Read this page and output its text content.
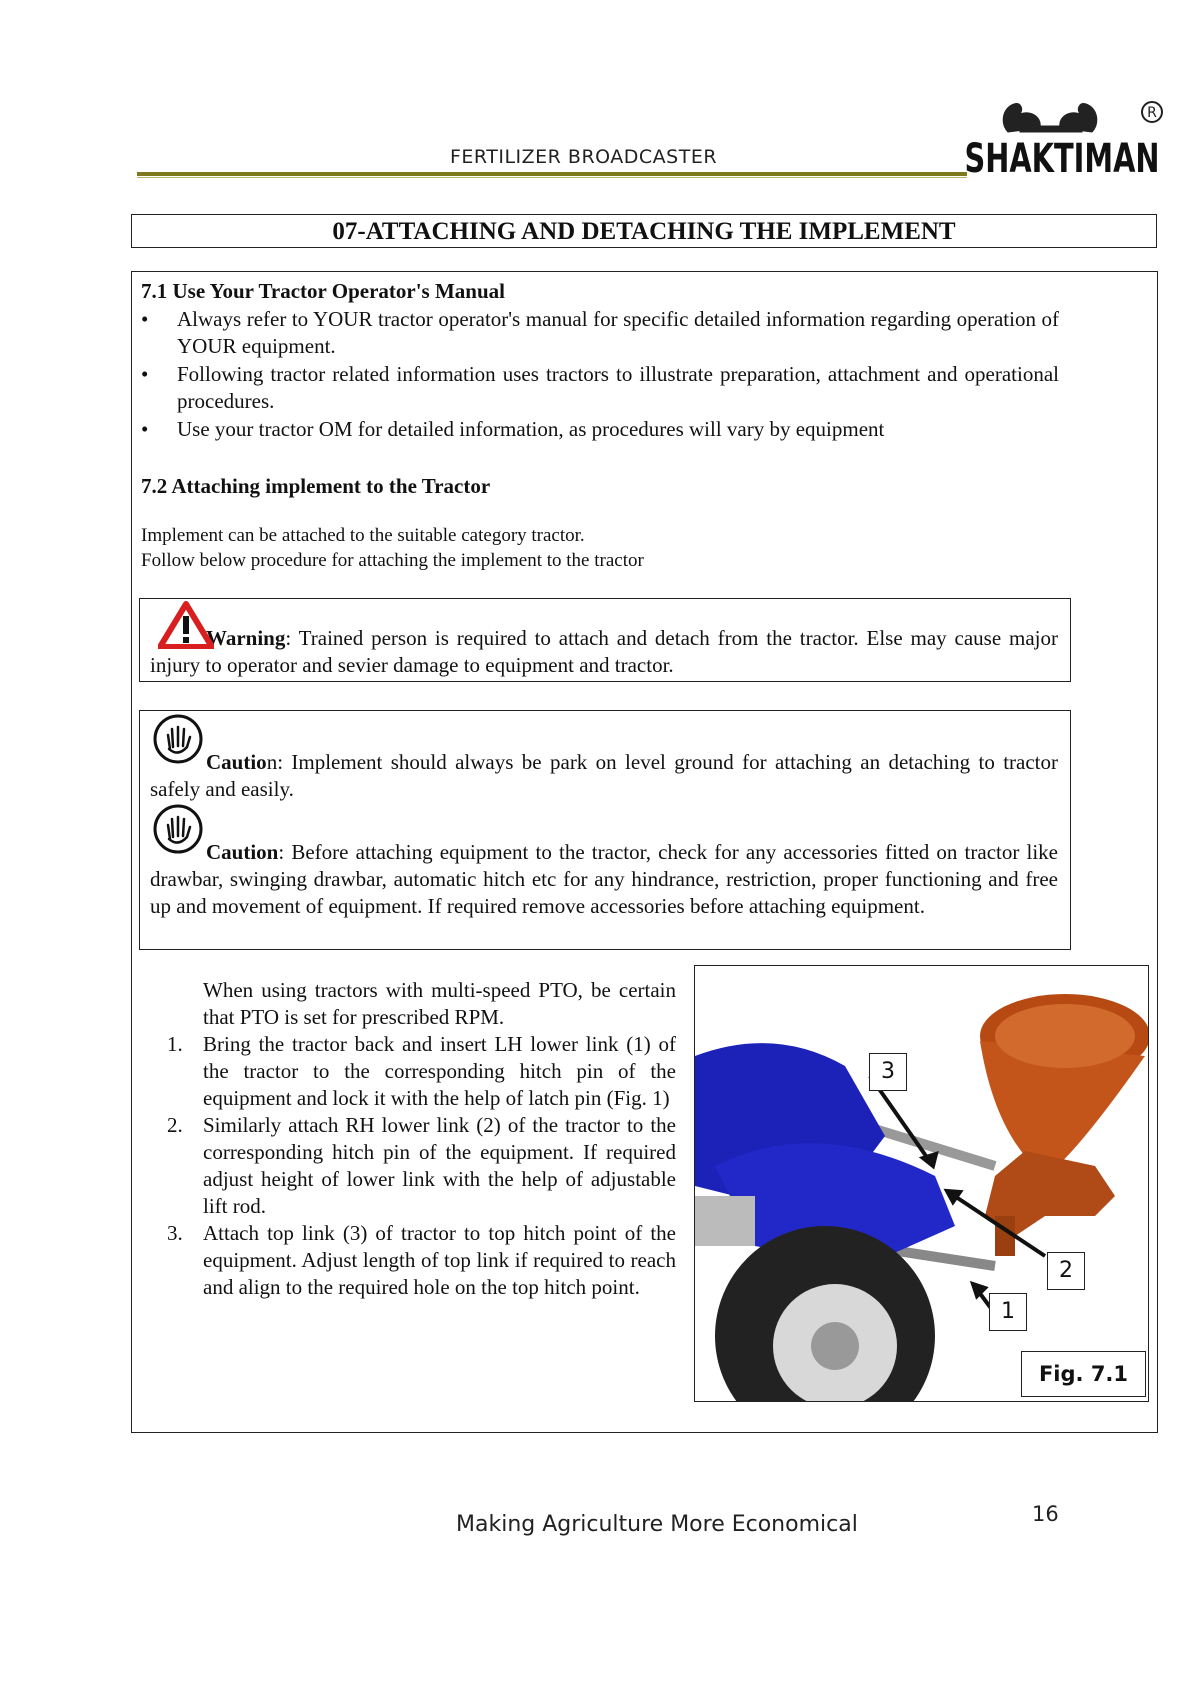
FERTILIZER BROADCASTER
R
SHAKTIMAN
07-ATTACHING AND DETACHING THE IMPLEMENT
7.1 Use Your Tractor Operator's Manual
• Always refer to YOUR tractor operator's manual for specific detailed information regarding operation of YOUR equipment.
• Following tractor related information uses tractors to illustrate preparation, attachment and operational procedures.
• Use your tractor OM for detailed information, as procedures will vary by equipment
7.2 Attaching implement to the Tractor
Implement can be attached to the suitable category tractor.
Follow below procedure for attaching the implement to the tractor
Warning: Trained person is required to attach and detach from the tractor. Else may cause major injury to operator and sevier damage to equipment and tractor.
Caution: Implement should always be park on level ground for attaching an detaching to tractor safely and easily.
Caution: Before attaching equipment to the tractor, check for any accessories fitted on tractor like drawbar, swinging drawbar, automatic hitch etc for any hindrance, restriction, proper functioning and free up and movement of equipment. If required remove accessories before attaching equipment.
When using tractors with multi-speed PTO, be certain that PTO is set for prescribed RPM.
1. Bring the tractor back and insert LH lower link (1) of the tractor to the corresponding hitch pin of the equipment and lock it with the help of latch pin (Fig. 1)
2. Similarly attach RH lower link (2) of the tractor to the corresponding hitch pin of the equipment. If required adjust height of lower link with the help of adjustable lift rod.
3. Attach top link (3) of tractor to top hitch point of the equipment. Adjust length of top link if required to reach and align to the required hole on the top hitch point.
3
2
1
Fig. 7.1
Making Agriculture More Economical	16
